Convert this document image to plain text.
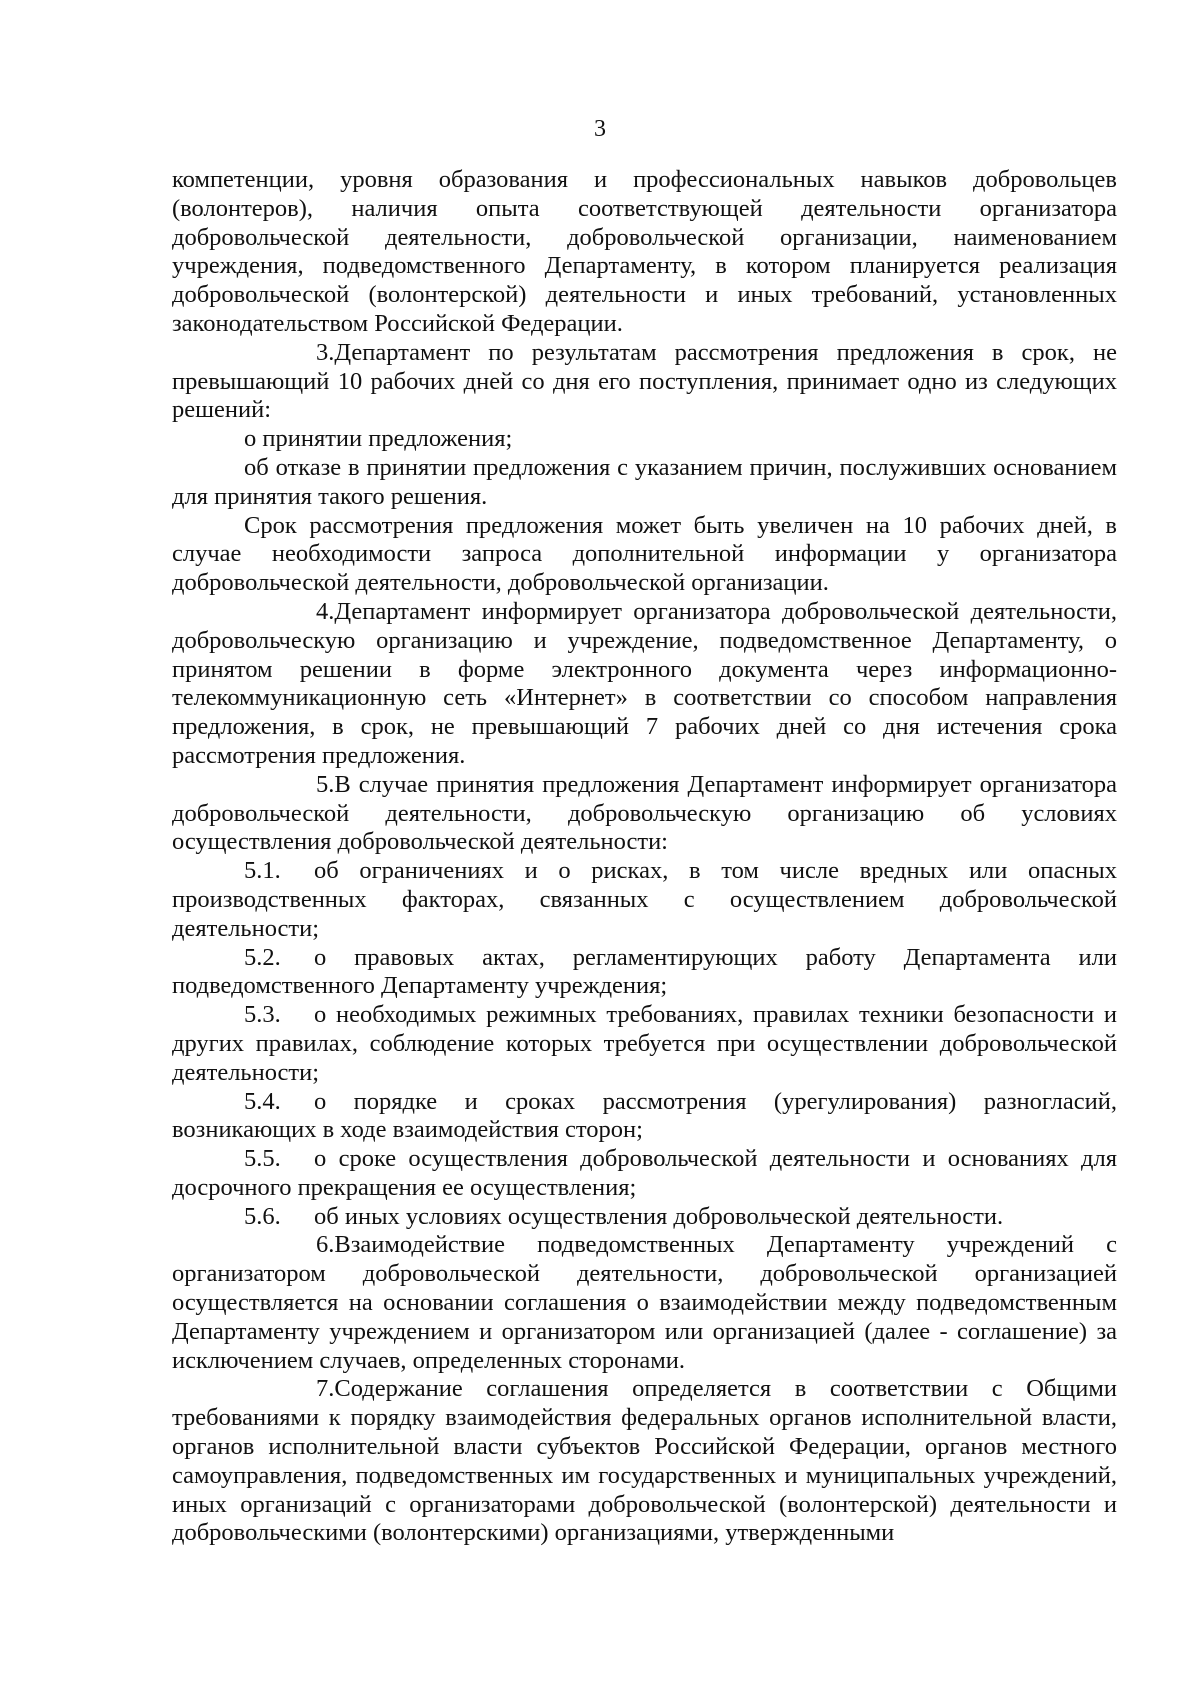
3

компетенции, уровня образования и профессиональных навыков добровольцев (волонтеров), наличия опыта соответствующей деятельности организатора добровольческой деятельности, добровольческой организации, наименованием учреждения, подведомственного Департаменту, в котором планируется реализация добровольческой (волонтерской) деятельности и иных требований, установленных законодательством Российской Федерации.

3.Департамент по результатам рассмотрения предложения в срок, не превышающий 10 рабочих дней со дня его поступления, принимает одно из следующих решений:

о принятии предложения;

об отказе в принятии предложения с указанием причин, послуживших основанием для принятия такого решения.

Срок рассмотрения предложения может быть увеличен на 10 рабочих дней, в случае необходимости запроса дополнительной информации у организатора добровольческой деятельности, добровольческой организации.

4.Департамент информирует организатора добровольческой деятельности, добровольческую организацию и учреждение, подведомственное Департаменту, о принятом решении в форме электронного документа через информационно-телекоммуникационную сеть «Интернет» в соответствии со способом направления предложения, в срок, не превышающий 7 рабочих дней со дня истечения срока рассмотрения предложения.

5.В случае принятия предложения Департамент информирует организатора добровольческой деятельности, добровольческую организацию об условиях осуществления добровольческой деятельности:

5.1. об ограничениях и о рисках, в том числе вредных или опасных производственных факторах, связанных с осуществлением добровольческой деятельности;

5.2. о правовых актах, регламентирующих работу Департамента или подведомственного Департаменту учреждения;

5.3. о необходимых режимных требованиях, правилах техники безопасности и других правилах, соблюдение которых требуется при осуществлении добровольческой деятельности;

5.4. о порядке и сроках рассмотрения (урегулирования) разногласий, возникающих в ходе взаимодействия сторон;

5.5. о сроке осуществления добровольческой деятельности и основаниях для досрочного прекращения ее осуществления;

5.6. об иных условиях осуществления добровольческой деятельности.

6.Взаимодействие подведомственных Департаменту учреждений с организатором добровольческой деятельности, добровольческой организацией осуществляется на основании соглашения о взаимодействии между подведомственным Департаменту учреждением и организатором или организацией (далее - соглашение) за исключением случаев, определенных сторонами.

7.Содержание соглашения определяется в соответствии с Общими требованиями к порядку взаимодействия федеральных органов исполнительной власти, органов исполнительной власти субъектов Российской Федерации, органов местного самоуправления, подведомственных им государственных и муниципальных учреждений, иных организаций с организаторами добровольческой (волонтерской) деятельности и добровольческими (волонтерскими) организациями, утвержденными
